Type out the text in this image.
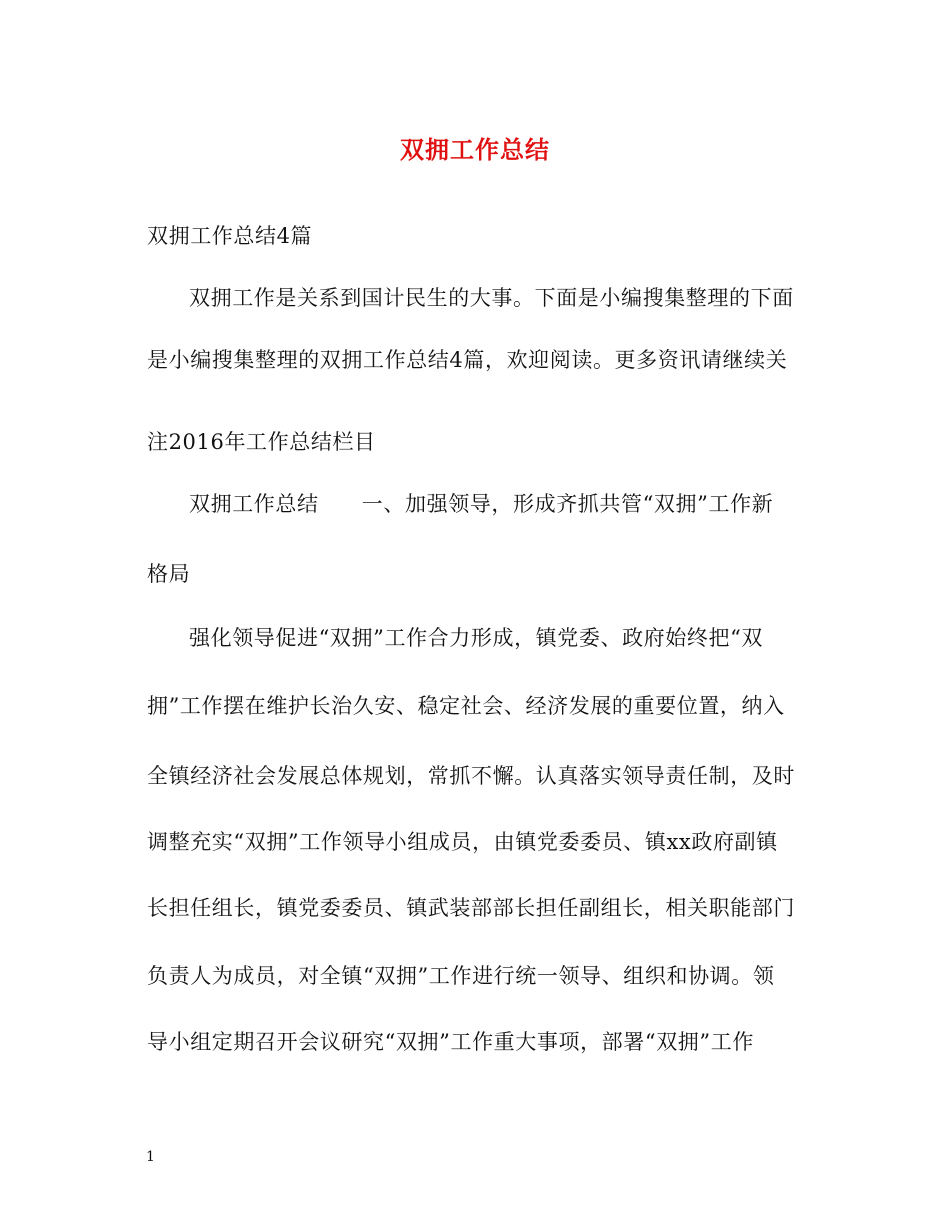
双拥工作总结
双拥工作总结4篇
双拥工作是关系到国计民生的大事。下面是小编搜集整理的下面
是小编搜集整理的双拥工作总结4篇，欢迎阅读。更多资讯请继续关
注2016年工作总结栏目
双拥工作总结　　一、加强领导，形成齐抓共管“双拥”工作新
格局
强化领导促进“双拥”工作合力形成，镇党委、政府始终把“双
拥”工作摆在维护长治久安、稳定社会、经济发展的重要位置，纳入
全镇经济社会发展总体规划，常抓不懈。认真落实领导责任制，及时
调整充实“双拥”工作领导小组成员，由镇党委委员、镇xx政府副镇
长担任组长，镇党委委员、镇武装部部长担任副组长，相关职能部门
负责人为成员，对全镇“双拥”工作进行统一领导、组织和协调。领
导小组定期召开会议研究“双拥”工作重大事项，部署“双拥”工作
1
